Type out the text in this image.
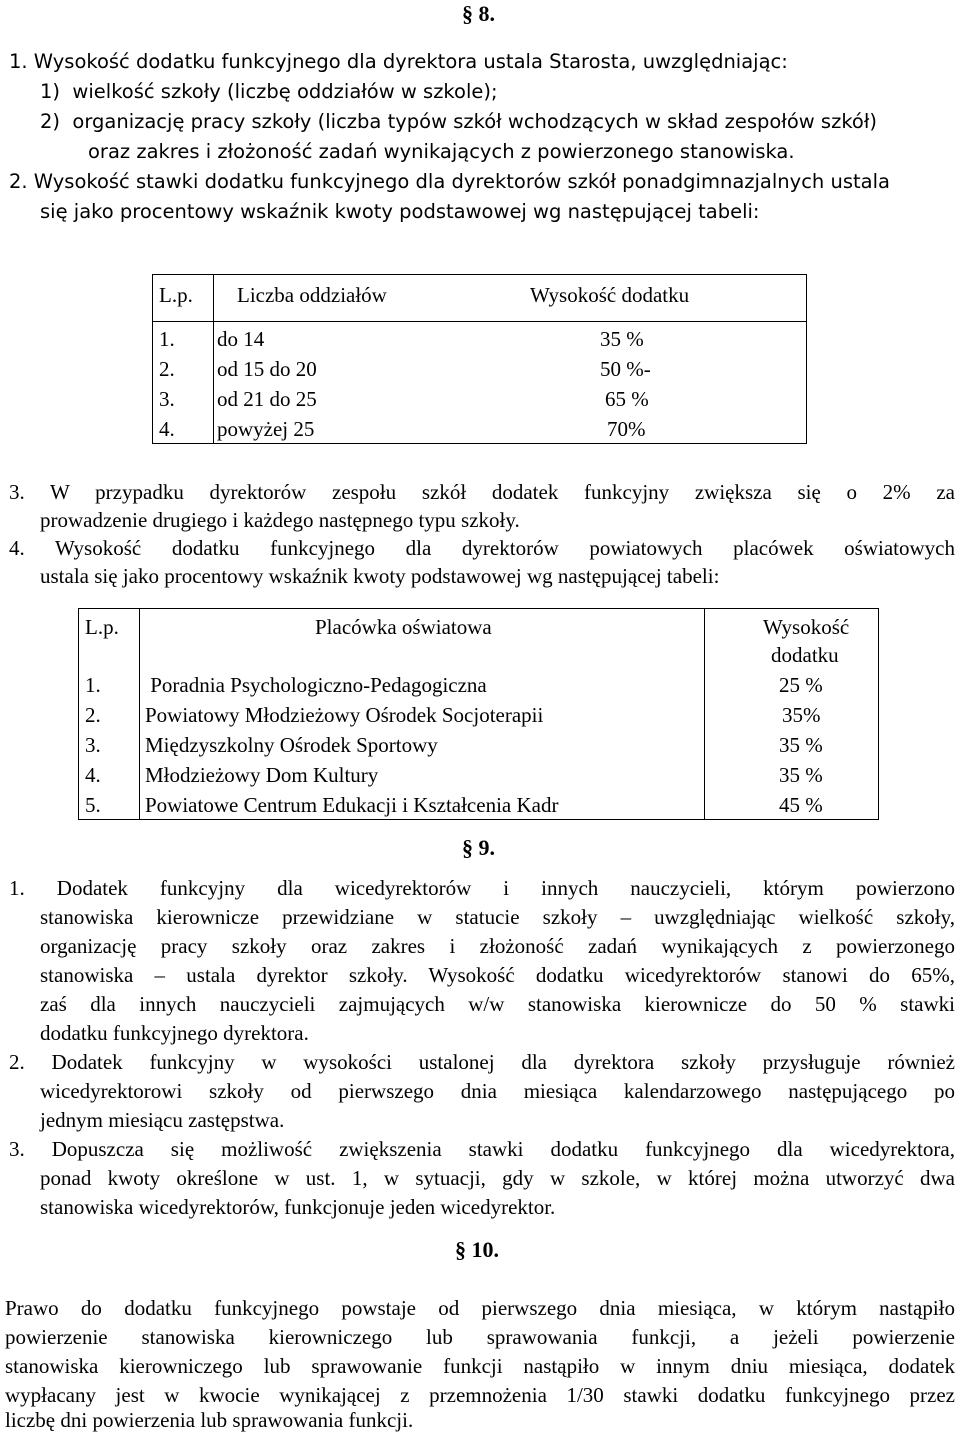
§ 8.
1. Wysokość dodatku funkcyjnego dla dyrektora ustala Starosta, uwzględniając:
1)  wielkość szkoły (liczbę oddziałów w szkole);
2)  organizację pracy szkoły (liczba typów szkół wchodzących w skład zespołów szkół)
oraz zakres i złożoność zadań wynikających z powierzonego stanowiska.
2. Wysokość stawki dodatku funkcyjnego dla dyrektorów szkół ponadgimnazjalnych ustala
się jako procentowy wskaźnik kwoty podstawowej wg następującej tabeli:
L.p. Liczba oddziałów	Wysokość dodatku
1. do 14	35 %
2. od 15 do 20	50 %-
3. od 21 do 25	65 %
4. powyżej 25	70%
3. W przypadku dyrektorów zespołu szkół dodatek funkcyjny zwiększa się o 2% za
prowadzenie drugiego i każdego następnego typu szkoły.
4. Wysokość dodatku funkcyjnego dla dyrektorów powiatowych placówek oświatowych
ustala się jako procentowy wskaźnik kwoty podstawowej wg następującej tabeli:
L.p.	Placówka oświatowa	Wysokość
dodatku
1. Poradnia Psychologiczno-Pedagogiczna	25 %
2. Powiatowy Młodzieżowy Ośrodek Socjoterapii	35%
3. Międzyszkolny Ośrodek Sportowy	35 %
4. Młodzieżowy Dom Kultury	35 %
5. Powiatowe Centrum Edukacji i Kształcenia Kadr	45 %
§ 9.
1. Dodatek funkcyjny dla wicedyrektorów i innych nauczycieli, którym powierzono
stanowiska kierownicze przewidziane w statucie szkoły – uwzględniając wielkość szkoły,
organizację pracy szkoły oraz zakres i złożoność zadań wynikających z powierzonego
stanowiska – ustala dyrektor szkoły. Wysokość dodatku wicedyrektorów stanowi do 65%,
zaś dla innych nauczycieli zajmujących w/w stanowiska kierownicze do 50 % stawki
dodatku funkcyjnego dyrektora.
2. Dodatek funkcyjny w wysokości ustalonej dla dyrektora szkoły przysługuje również
wicedyrektorowi szkoły od pierwszego dnia miesiąca kalendarzowego następującego po
jednym miesiącu zastępstwa.
3. Dopuszcza się możliwość zwiększenia stawki dodatku funkcyjnego dla wicedyrektora,
ponad kwoty określone w ust. 1, w sytuacji, gdy w szkole, w której można utworzyć dwa
stanowiska wicedyrektorów, funkcjonuje jeden wicedyrektor.
§ 10.
Prawo do dodatku funkcyjnego powstaje od pierwszego dnia miesiąca, w którym nastąpiło
powierzenie stanowiska kierowniczego lub sprawowania funkcji, a jeżeli powierzenie
stanowiska kierowniczego lub sprawowanie funkcji nastąpiło w innym dniu miesiąca, dodatek
wypłacany jest w kwocie wynikającej z przemnożenia 1/30 stawki dodatku funkcyjnego przez
liczbę dni powierzenia lub sprawowania funkcji.
